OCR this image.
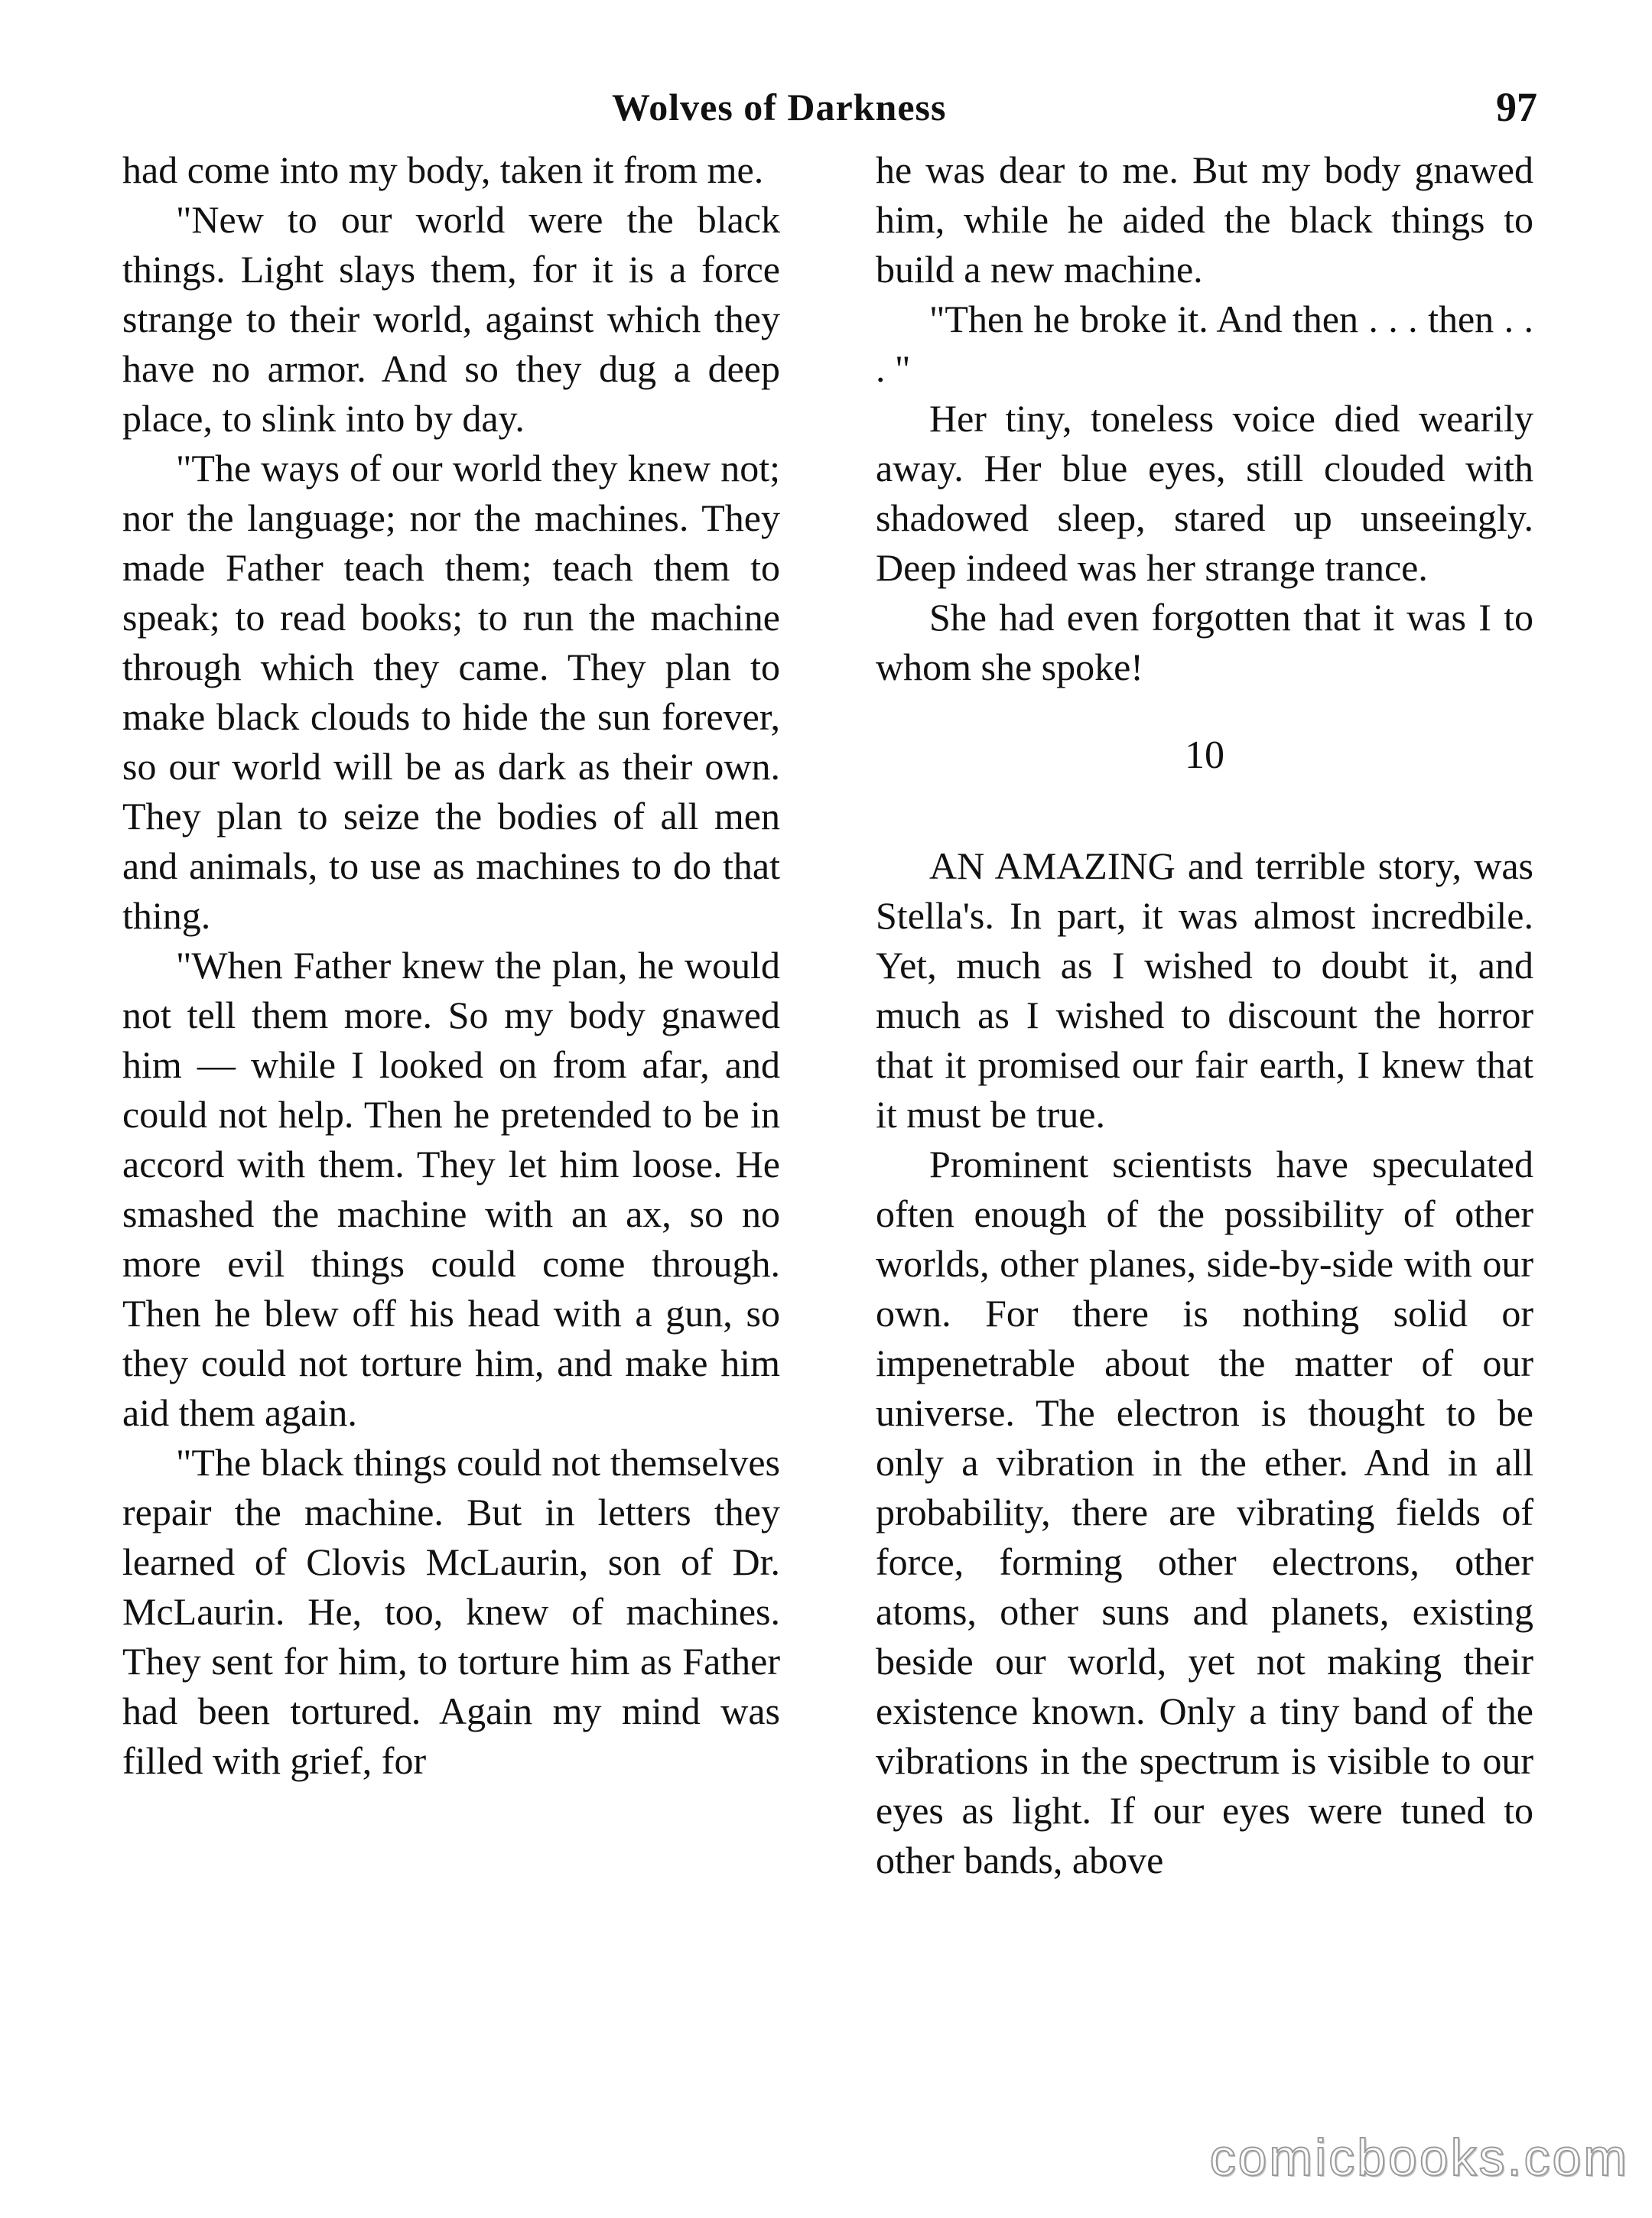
Wolves of Darkness	97

had come into my body, taken it from me.

"New to our world were the black things. Light slays them, for it is a force strange to their world, against which they have no armor. And so they dug a deep place, to slink into by day.

"The ways of our world they knew not; nor the language; nor the machines. They made Father teach them; teach them to speak; to read books; to run the machine through which they came. They plan to make black clouds to hide the sun forever, so our world will be as dark as their own. They plan to seize the bodies of all men and animals, to use as machines to do that thing.

"When Father knew the plan, he would not tell them more. So my body gnawed him — while I looked on from afar, and could not help. Then he pretended to be in accord with them. They let him loose. He smashed the machine with an ax, so no more evil things could come through. Then he blew off his head with a gun, so they could not torture him, and make him aid them again.

"The black things could not themselves repair the machine. But in letters they learned of Clovis McLaurin, son of Dr. McLaurin. He, too, knew of machines. They sent for him, to torture him as Father had been tortured. Again my mind was filled with grief, for

he was dear to me. But my body gnawed him, while he aided the black things to build a new machine.

"Then he broke it. And then . . . then . . . "

Her tiny, toneless voice died wearily away. Her blue eyes, still clouded with shadowed sleep, stared up unseeingly. Deep indeed was her strange trance.

She had even forgotten that it was I to whom she spoke!

10

AN AMAZING and terrible story, was Stella's. In part, it was almost incredbile. Yet, much as I wished to doubt it, and much as I wished to discount the horror that it promised our fair earth, I knew that it must be true.

Prominent scientists have speculated often enough of the possibility of other worlds, other planes, side-by-side with our own. For there is nothing solid or impenetrable about the matter of our universe. The electron is thought to be only a vibration in the ether. And in all probability, there are vibrating fields of force, forming other electrons, other atoms, other suns and planets, existing beside our world, yet not making their existence known. Only a tiny band of the vibrations in the spectrum is visible to our eyes as light. If our eyes were tuned to other bands, above

comicbooks.com
